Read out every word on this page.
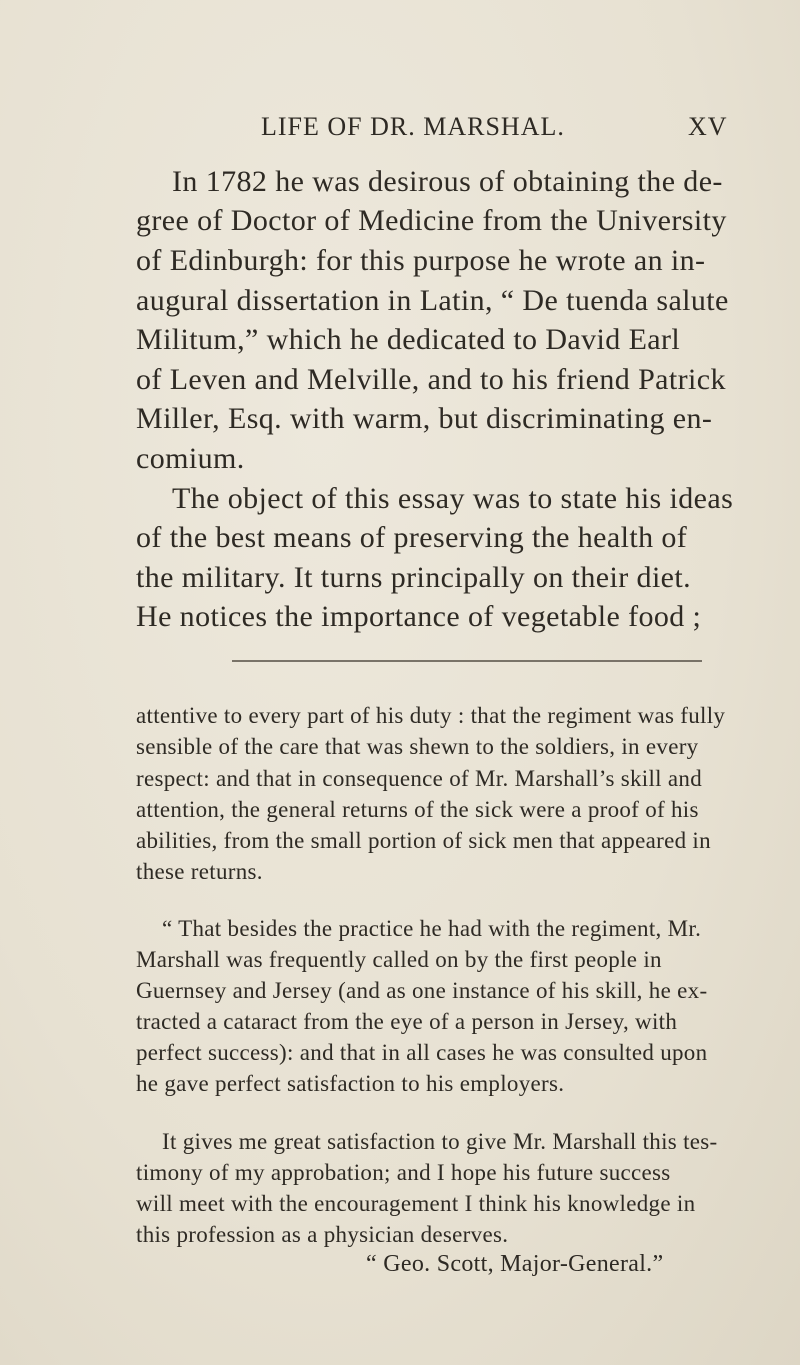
LIFE OF DR. MARSHAL.	XV
In 1782 he was desirous of obtaining the de-
gree of Doctor of Medicine from the University
of Edinburgh: for this purpose he wrote an in-
augural dissertation in Latin, “ De tuenda salute
Militum,” which he dedicated to David Earl
of Leven and Melville, and to his friend Patrick
Miller, Esq. with warm, but discriminating en-
comium.
The object of this essay was to state his ideas
of the best means of preserving the health of
the military. It turns principally on their diet.
He notices the importance of vegetable food ;
attentive to every part of his duty : that the regiment was fully
sensible of the care that was shewn to the soldiers, in every
respect: and that in consequence of Mr. Marshall’s skill and
attention, the general returns of the sick were a proof of his
abilities, from the small portion of sick men that appeared in
these returns.
“ That besides the practice he had with the regiment, Mr.
Marshall was frequently called on by the first people in
Guernsey and Jersey (and as one instance of his skill, he ex-
tracted a cataract from the eye of a person in Jersey, with
perfect success): and that in all cases he was consulted upon
he gave perfect satisfaction to his employers.
It gives me great satisfaction to give Mr. Marshall this tes-
timony of my approbation; and I hope his future success
will meet with the encouragement I think his knowledge in
this profession as a physician deserves.
“ Geo. Scott, Major-General.”
